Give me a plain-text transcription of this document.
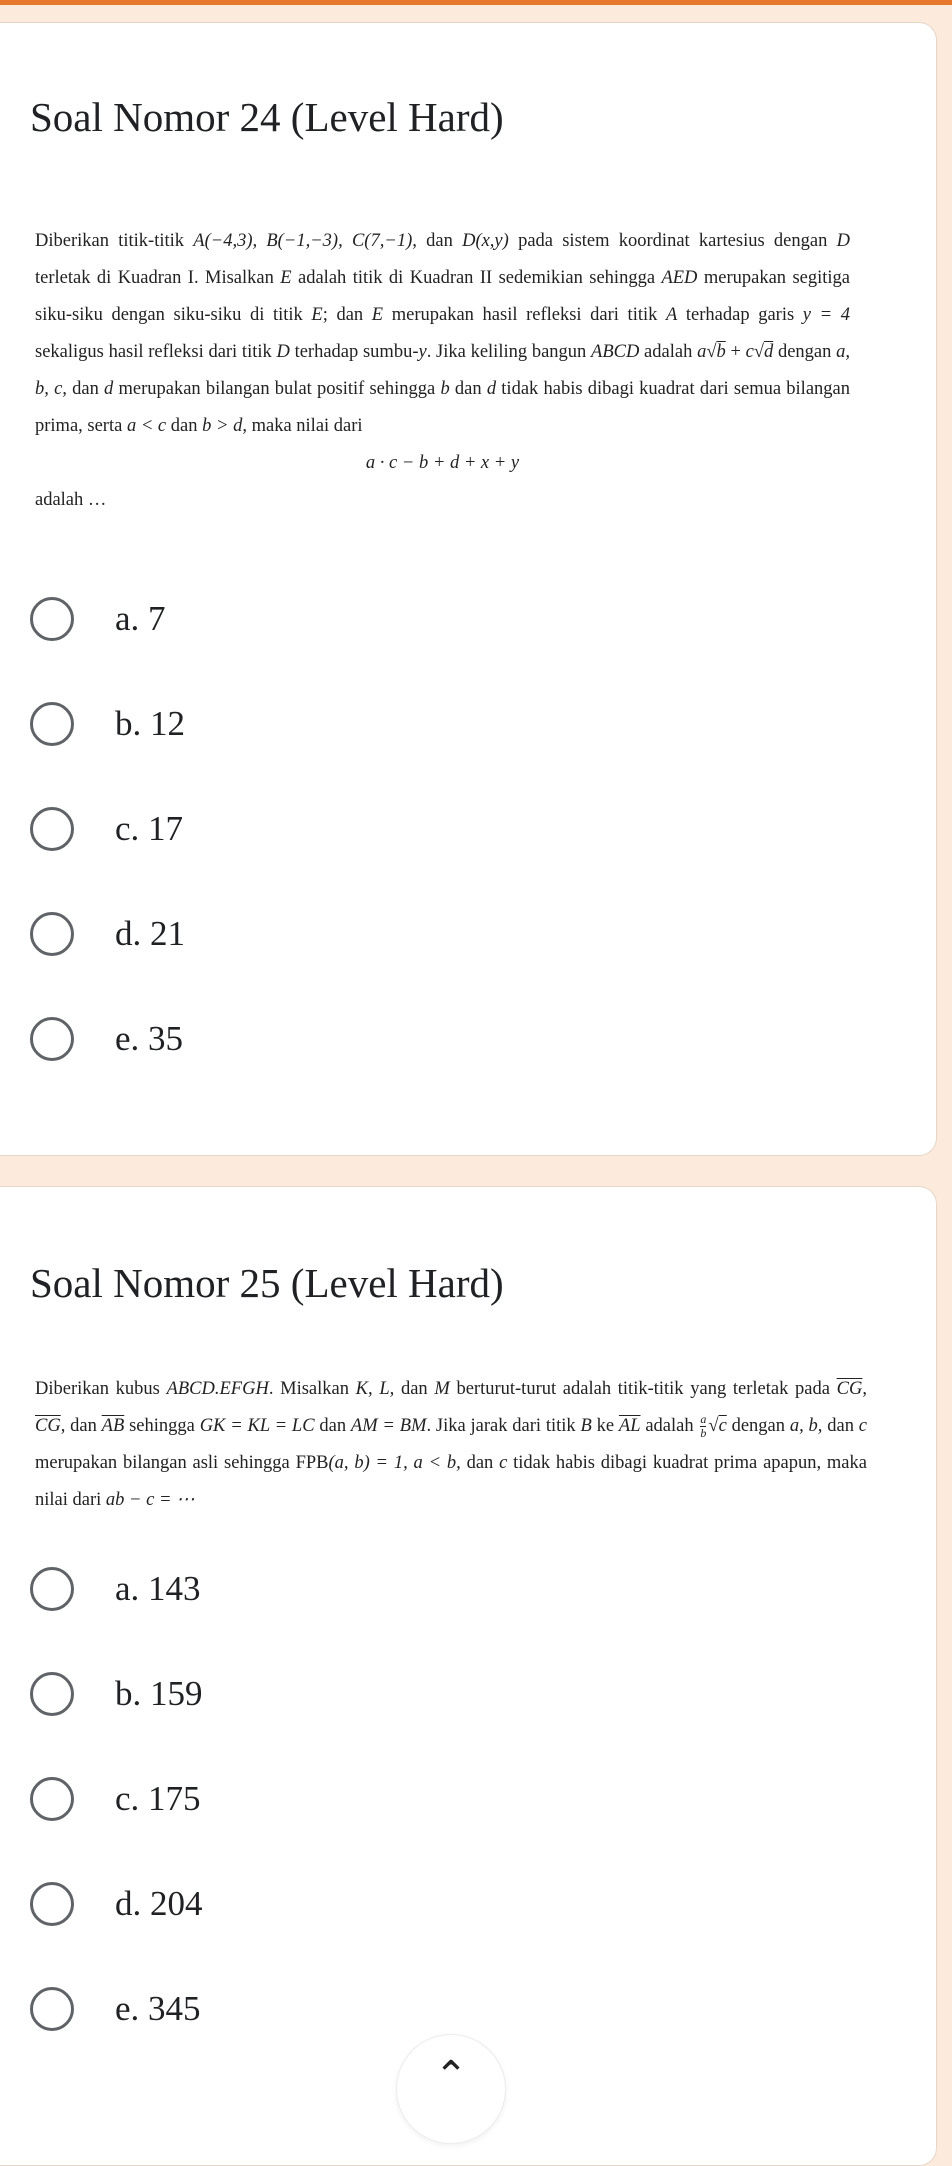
Soal Nomor 24 (Level Hard)
Diberikan titik-titik A(−4,3), B(−1,−3), C(7,−1), dan D(x,y) pada sistem koordinat kartesius dengan D terletak di Kuadran I. Misalkan E adalah titik di Kuadran II sedemikian sehingga AED merupakan segitiga siku-siku dengan siku-siku di titik E; dan E merupakan hasil refleksi dari titik A terhadap garis y = 4 sekaligus hasil refleksi dari titik D terhadap sumbu-y. Jika keliling bangun ABCD adalah a√b + c√d dengan a, b, c, dan d merupakan bilangan bulat positif sehingga b dan d tidak habis dibagi kuadrat dari semua bilangan prima, serta a < c dan b > d, maka nilai dari
a · c − b + d + x + y
adalah …
a. 7
b. 12
c. 17
d. 21
e. 35
Soal Nomor 25 (Level Hard)
Diberikan kubus ABCD.EFGH. Misalkan K, L, dan M berturut-turut adalah titik-titik yang terletak pada $\overline{CG}$, $\overline{CG}$, dan $\overline{AB}$ sehingga GK = KL = LC dan AM = BM. Jika jarak dari titik B ke $\overline{AL}$ adalah $\frac{a}{b} √c$ dengan a, b, dan c merupakan bilangan asli sehingga FPB(a, b) = 1, a < b, dan c tidak habis dibagi kuadrat prima apapun, maka nilai dari ab − c = ⋯
a. 143
b. 159
c. 175
d. 204
e. 345
⌃
